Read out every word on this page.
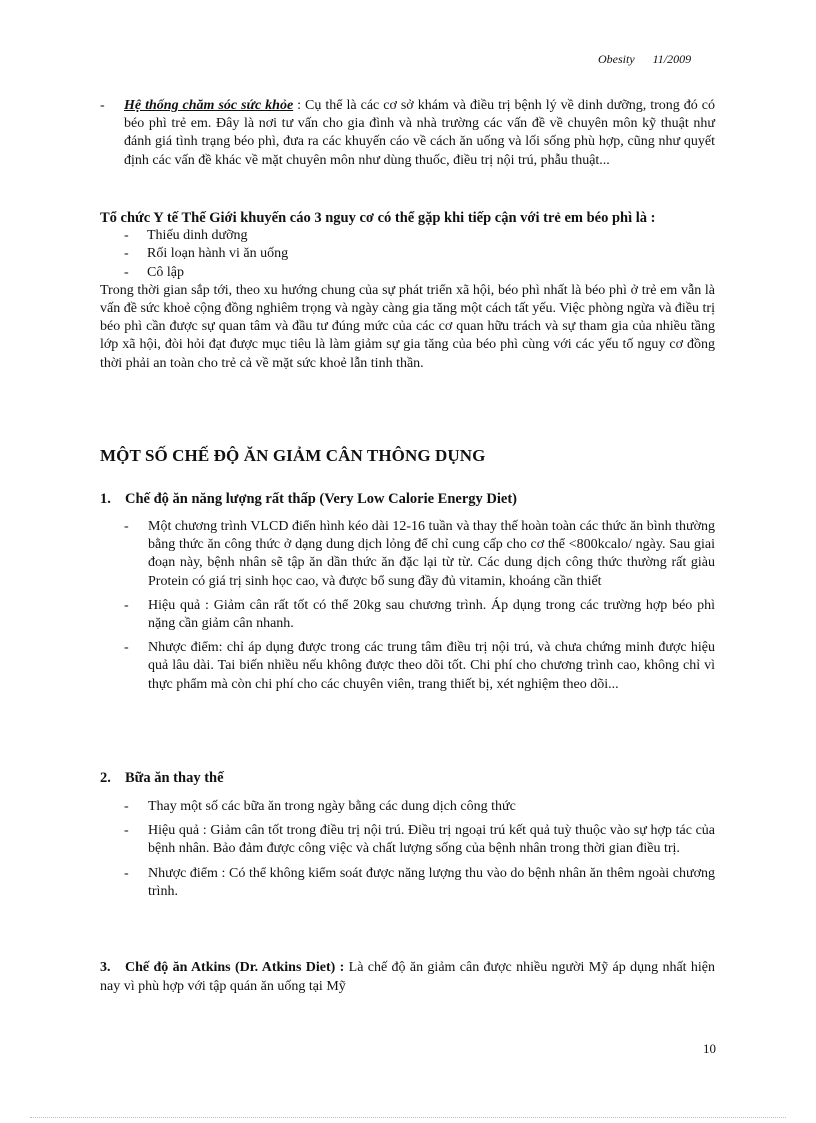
Obesity 11/2009
- Hệ thống chăm sóc sức khỏe : Cụ thể là các cơ sở khám và điều trị bệnh lý về dinh dưỡng, trong đó có béo phì trẻ em. Đây là nơi tư vấn cho gia đình và nhà trường các vấn đề về chuyên môn kỹ thuật như đánh giá tình trạng béo phì, đưa ra các khuyến cáo về cách ăn uống và lối sống phù hợp, cũng như quyết định các vấn đề khác về mặt chuyên môn như dùng thuốc, điều trị nội trú, phẫu thuật...

Tổ chức Y tế Thế Giới khuyến cáo 3 nguy cơ có thể gặp khi tiếp cận với trẻ em béo phì là :

- Thiếu dinh dưỡng
- Rối loạn hành vi ăn uống
- Cô lập

Trong thời gian sắp tới, theo xu hướng chung của sự phát triển xã hội, béo phì nhất là béo phì ở trẻ em vẫn là vấn đề sức khoẻ cộng đồng nghiêm trọng và ngày càng gia tăng một cách tất yếu. Việc phòng ngừa và điều trị béo phì cần được sự quan tâm và đầu tư đúng mức của các cơ quan hữu trách và sự tham gia của nhiều tầng lớp xã hội, đòi hỏi đạt được mục tiêu là làm giảm sự gia tăng của béo phì cùng với các yếu tố nguy cơ đồng thời phải an toàn cho trẻ cả về mặt sức khoẻ lẫn tinh thần.

MỘT SỐ CHẾ ĐỘ ĂN GIẢM CÂN THÔNG DỤNG
1. Chế độ ăn năng lượng rất thấp (Very Low Calorie Energy Diet)

- Một chương trình VLCD điển hình kéo dài 12-16 tuần và thay thế hoàn toàn các thức ăn bình thường bằng thức ăn công thức ở dạng dung dịch lỏng để chỉ cung cấp cho cơ thể <800kcalo/ ngày. Sau giai đoạn này, bệnh nhân sẽ tập ăn dần thức ăn đặc lại từ từ. Các dung dịch công thức thường rất giàu Protein có giá trị sinh học cao, và được bổ sung đầy đủ vitamin, khoáng cần thiết

- Hiệu quả : Giảm cân rất tốt có thể 20kg sau chương trình. Áp dụng trong các trường hợp béo phì nặng cần giảm cân nhanh.

- Nhược điểm: chỉ áp dụng được trong các trung tâm điều trị nội trú, và chưa chứng minh được hiệu quả lâu dài. Tai biến nhiều nếu không được theo dõi tốt. Chi phí cho chương trình cao, không chỉ vì thực phẩm mà còn chi phí cho các chuyên viên, trang thiết bị, xét nghiệm theo dõi...

2. Bữa ăn thay thế

- Thay một số các bữa ăn trong ngày bằng các dung dịch công thức

- Hiệu quả : Giảm cân tốt trong điều trị nội trú. Điều trị ngoại trú kết quả tuỳ thuộc vào sự hợp tác của bệnh nhân. Bảo đảm được công việc và chất lượng sống của bệnh nhân trong thời gian điều trị.

- Nhược điểm : Có thể không kiểm soát được năng lượng thu vào do bệnh nhân ăn thêm ngoài chương trình.

3. Chế độ ăn Atkins (Dr. Atkins Diet) : Là chế độ ăn giảm cân được nhiều người Mỹ áp dụng nhất hiện nay vì phù hợp với tập quán ăn uống tại Mỹ
10
